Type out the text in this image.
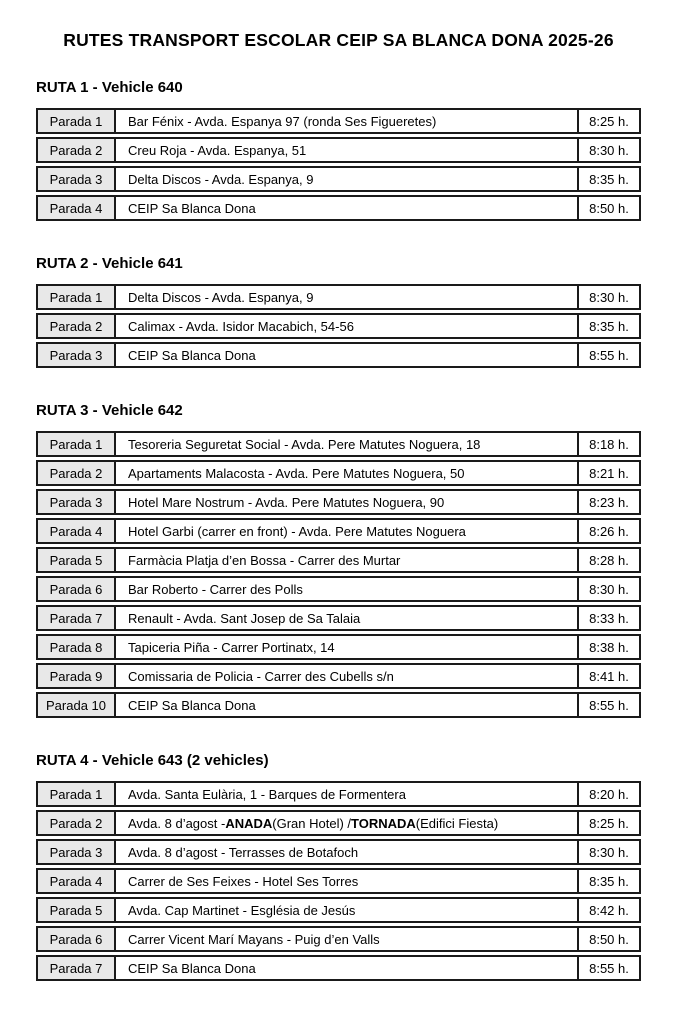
RUTES TRANSPORT ESCOLAR CEIP SA BLANCA DONA 2025-26
RUTA 1 - Vehicle 640
Parada 1	Bar Fénix - Avda. Espanya 97 (ronda Ses Figueretes)	8:25 h.
Parada 2	Creu Roja - Avda. Espanya, 51	8:30 h.
Parada 3	Delta Discos - Avda. Espanya, 9	8:35 h.
Parada 4	CEIP Sa Blanca Dona	8:50 h.
RUTA 2 - Vehicle 641
Parada 1	Delta Discos - Avda. Espanya, 9	8:30 h.
Parada 2	Calimax - Avda. Isidor Macabich, 54-56	8:35 h.
Parada 3	CEIP Sa Blanca Dona	8:55 h.
RUTA 3 - Vehicle 642
Parada 1	Tesoreria Seguretat Social - Avda. Pere Matutes Noguera, 18	8:18 h.
Parada 2	Apartaments Malacosta - Avda. Pere Matutes Noguera, 50	8:21 h.
Parada 3	Hotel Mare Nostrum - Avda. Pere Matutes Noguera, 90	8:23 h.
Parada 4	Hotel Garbi (carrer en front) - Avda. Pere Matutes Noguera	8:26 h.
Parada 5	Farmàcia Platja d’en Bossa - Carrer des Murtar	8:28 h.
Parada 6	Bar Roberto - Carrer des Polls	8:30 h.
Parada 7	Renault - Avda. Sant Josep de Sa Talaia	8:33 h.
Parada 8	Tapiceria Piña - Carrer Portinatx, 14	8:38 h.
Parada 9	Comissaria de Policia - Carrer des Cubells s/n	8:41 h.
Parada 10	CEIP Sa Blanca Dona	8:55 h.
RUTA 4 - Vehicle 643 (2 vehicles)
Parada 1	Avda. Santa Eulària, 1 - Barques de Formentera	8:20 h.
Parada 2	Avda. 8 d’agost - ANADA (Gran Hotel) / TORNADA (Edifici Fiesta)	8:25 h.
Parada 3	Avda. 8 d’agost - Terrasses de Botafoch	8:30 h.
Parada 4	Carrer de Ses Feixes - Hotel Ses Torres	8:35 h.
Parada 5	Avda. Cap Martinet - Església de Jesús	8:42 h.
Parada 6	Carrer Vicent Marí Mayans - Puig d’en Valls	8:50 h.
Parada 7	CEIP Sa Blanca Dona	8:55 h.
